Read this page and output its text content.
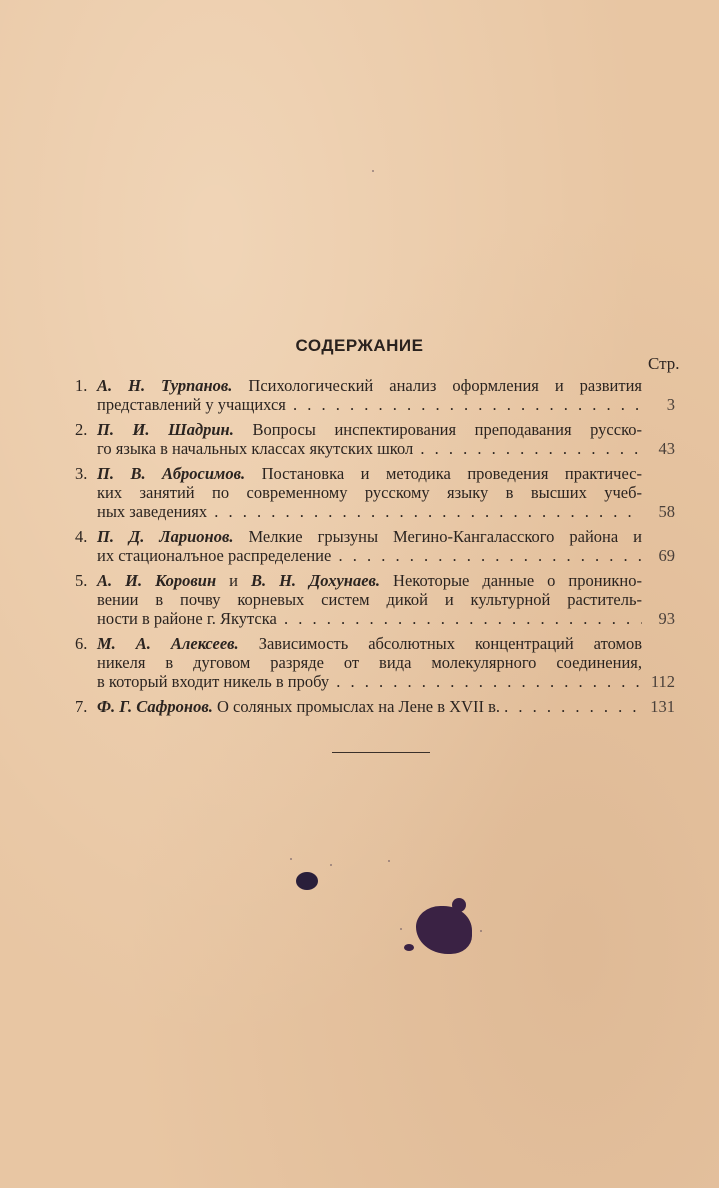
СОДЕРЖАНИЕ
Стр.
1. А. Н. Турпанов. Психологический анализ оформления и развития
представлений у учащихся . . .	3
2. П. И. Шадрин. Вопросы инспектирования преподавания русско-
го языка в начальных классах якутских школ . . .	43
3. П. В. Абросимов. Постановка и методика проведения практичес-
ких занятий по современному русскому языку в высших учеб-
ных заведениях . . .	58
4. П. Д. Ларионов. Мелкие грызуны Мегино-Кангаласского района и
их стационалъное распределение . . .	69
5. А. И. Коровин и В. Н. Дохунаев. Некоторые данные о проникно-
вении в почву корневых систем дикой и культурной раститель-
ности в районе г. Якутска . . .	93
6. М. А. Алексеев. Зависимость абсолютных концентраций атомов
никеля в дуговом разряде от вида молекулярного соединения,
в который входит никель в пробу . . .	112
7. Ф. Г. Сафронов. О соляных промыслах на Лене в XVII в. . . .	131
